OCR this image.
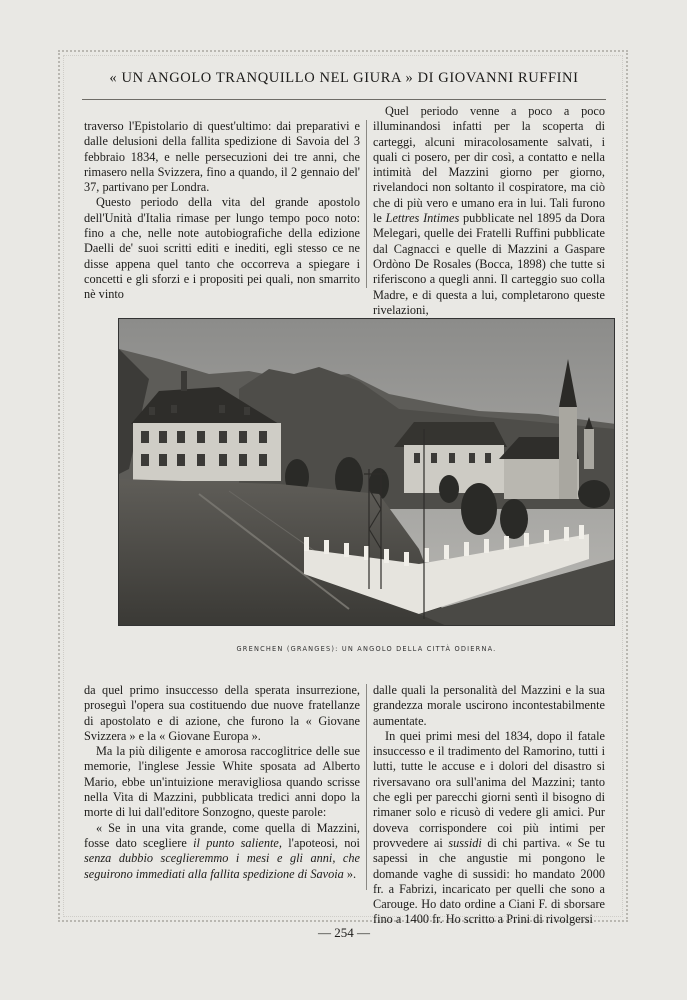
« UN ANGOLO TRANQUILLO NEL GIURA » DI GIOVANNI RUFFINI

traverso l'Epistolario di quest'ultimo: dai preparativi e dalle delusioni della fallita spedizione di Savoia del 3 febbraio 1834, e nelle persecuzioni dei tre anni, che rimasero nella Svizzera, fino a quando, il 2 gennaio del' 37, partivano per Londra.

Questo periodo della vita del grande apostolo dell'Unità d'Italia rimase per lungo tempo poco noto: fino a che, nelle note autobiografiche della edizione Daelli de' suoi scritti editi e inediti, egli stesso ce ne disse appena quel tanto che occorreva a spiegare i concetti e gli sforzi e i propositi pei quali, non smarrito nè vinto

Quel periodo venne a poco a poco illuminandosi infatti per la scoperta di carteggi, alcuni miracolosamente salvati, i quali ci posero, per dir così, a contatto e nella intimità del Mazzini giorno per giorno, rivelandoci non soltanto il cospiratore, ma ciò che di più vero e umano era in lui. Tali furono le Lettres Intimes pubblicate nel 1895 da Dora Melegari, quelle dei Fratelli Ruffini pubblicate dal Cagnacci e quelle di Mazzini a Gaspare Ordòno De Rosales (Bocca, 1898) che tutte si riferiscono a quegli anni. Il carteggio suo colla Madre, e di questa a lui, completarono queste rivelazioni,

GRENCHEN (GRANGES): UN ANGOLO DELLA CITTÀ ODIERNA.

da quel primo insuccesso della sperata insurrezione, proseguì l'opera sua costituendo due nuove fratellanze di apostolato e di azione, che furono la « Giovane Svizzera » e la « Giovane Europa ».

Ma la più diligente e amorosa raccoglitrice delle sue memorie, l'inglese Jessie White sposata ad Alberto Mario, ebbe un'intuizione meravigliosa quando scrisse nella Vita di Mazzini, pubblicata tredici anni dopo la morte di lui dall'editore Sonzogno, queste parole:

« Se in una vita grande, come quella di Mazzini, fosse dato scegliere il punto saliente, l'apoteosi, noi senza dubbio sceglieremmo i mesi e gli anni, che seguirono immediati alla fallita spedizione di Savoia ».

dalle quali la personalità del Mazzini e la sua grandezza morale uscirono incontestabilmente aumentate.

In quei primi mesi del 1834, dopo il fatale insuccesso e il tradimento del Ramorino, tutti i lutti, tutte le accuse e i dolori del disastro si riversavano ora sull'anima del Mazzini; tanto che egli per parecchi giorni sentì il bisogno di rimaner solo e ricusò di vedere gli amici. Pur doveva corrispondere coi più intimi per provvedere ai sussidi di chi partiva. « Se tu sapessi in che angustie mi pongono le domande vaghe di sussidi: ho mandato 2000 fr. a Fabrizi, incaricato per quelli che sono a Carouge. Ho dato ordine a Ciani F. di sborsare fino a 1400 fr. Ho scritto a Prini di rivolgersi

— 254 —
